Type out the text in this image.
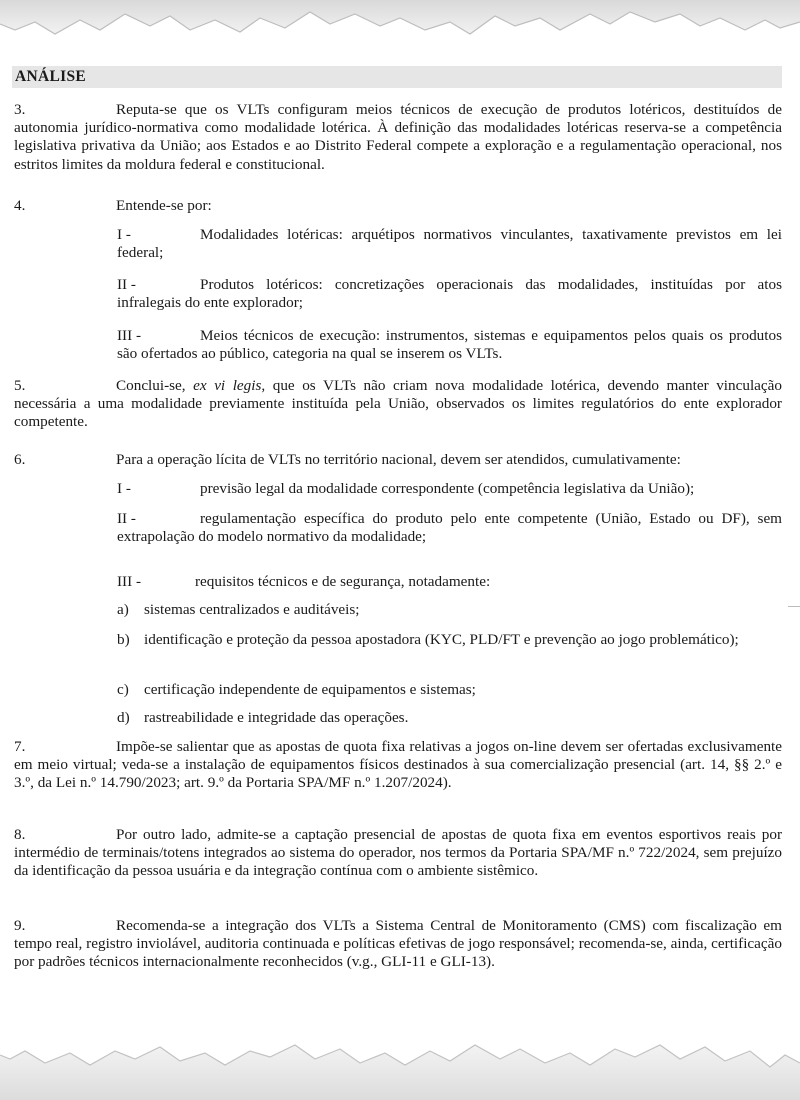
ANÁLISE

3.	Reputa-se que os VLTs configuram meios técnicos de execução de produtos lotéricos, destituídos de autonomia jurídico-normativa como modalidade lotérica. À definição das modalidades lotéricas reserva-se a competência legislativa privativa da União; aos Estados e ao Distrito Federal compete a exploração e a regulamentação operacional, nos estritos limites da moldura federal e constitucional.

4.	Entende-se por:

I -	Modalidades lotéricas: arquétipos normativos vinculantes, taxativamente previstos em lei federal;

II -	Produtos lotéricos: concretizações operacionais das modalidades, instituídas por atos infralegais do ente explorador;

III -	Meios técnicos de execução: instrumentos, sistemas e equipamentos pelos quais os produtos são ofertados ao público, categoria na qual se inserem os VLTs.

5.	Conclui-se, ex vi legis, que os VLTs não criam nova modalidade lotérica, devendo manter vinculação necessária a uma modalidade previamente instituída pela União, observados os limites regulatórios do ente explorador competente.

6.	Para a operação lícita de VLTs no território nacional, devem ser atendidos, cumulativamente:

I -	previsão legal da modalidade correspondente (competência legislativa da União);

II -	regulamentação específica do produto pelo ente competente (União, Estado ou DF), sem extrapolação do modelo normativo da modalidade;

III -	requisitos técnicos e de segurança, notadamente:

a) sistemas centralizados e auditáveis;

b) identificação e proteção da pessoa apostadora (KYC, PLD/FT e prevenção ao jogo problemático);

c) certificação independente de equipamentos e sistemas;

d) rastreabilidade e integridade das operações.

7.	Impõe-se salientar que as apostas de quota fixa relativas a jogos on-line devem ser ofertadas exclusivamente em meio virtual; veda-se a instalação de equipamentos físicos destinados à sua comercialização presencial (art. 14, §§ 2.º e 3.º, da Lei n.º 14.790/2023; art. 9.º da Portaria SPA/MF n.º 1.207/2024).

8.	Por outro lado, admite-se a captação presencial de apostas de quota fixa em eventos esportivos reais por intermédio de terminais/totens integrados ao sistema do operador, nos termos da Portaria SPA/MF n.º 722/2024, sem prejuízo da identificação da pessoa usuária e da integração contínua com o ambiente sistêmico.

9.	Recomenda-se a integração dos VLTs a Sistema Central de Monitoramento (CMS) com fiscalização em tempo real, registro inviolável, auditoria continuada e políticas efetivas de jogo responsável; recomenda-se, ainda, certificação por padrões técnicos internacionalmente reconhecidos (v.g., GLI-11 e GLI-13).
